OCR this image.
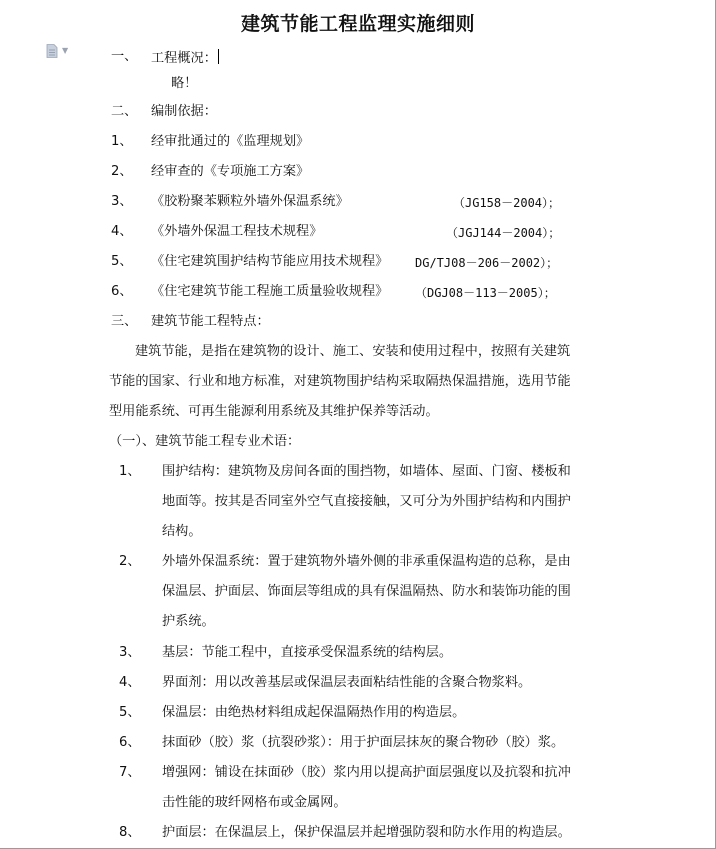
建筑节能工程监理实施细则
▼	一、 工程概况：
略！
二、 编制依据：
1、 经审批通过的《监理规划》
2、 经审查的《专项施工方案》
3、 《胶粉聚苯颗粒外墙外保温系统》	（JG158－2004）；
4、 《外墙外保温工程技术规程》	（JGJ144－2004）；
5、 《住宅建筑围护结构节能应用技术规程》 DG/TJ08－206－2002）；
6、 《住宅建筑节能工程施工质量验收规程》 （DGJ08－113－2005）；
三、 建筑节能工程特点：
建筑节能，是指在建筑物的设计、施工、安装和使用过程中，按照有关建筑
节能的国家、行业和地方标准，对建筑物围护结构采取隔热保温措施，选用节能
型用能系统、可再生能源利用系统及其维护保养等活动。
（一）、建筑节能工程专业术语：
1、 围护结构：建筑物及房间各面的围挡物，如墙体、屋面、门窗、楼板和
地面等。按其是否同室外空气直接接触，又可分为外围护结构和内围护
结构。
2、 外墙外保温系统：置于建筑物外墙外侧的非承重保温构造的总称，是由
保温层、护面层、饰面层等组成的具有保温隔热、防水和装饰功能的围
护系统。
3、 基层：节能工程中，直接承受保温系统的结构层。
4、 界面剂：用以改善基层或保温层表面粘结性能的含聚合物浆料。
5、 保温层：由绝热材料组成起保温隔热作用的构造层。
6、 抹面砂（胶）浆（抗裂砂浆）：用于护面层抹灰的聚合物砂（胶）浆。
7、 增强网：铺设在抹面砂（胶）浆内用以提高护面层强度以及抗裂和抗冲
击性能的玻纤网格布或金属网。
8、 护面层：在保温层上，保护保温层并起增强防裂和防水作用的构造层。
